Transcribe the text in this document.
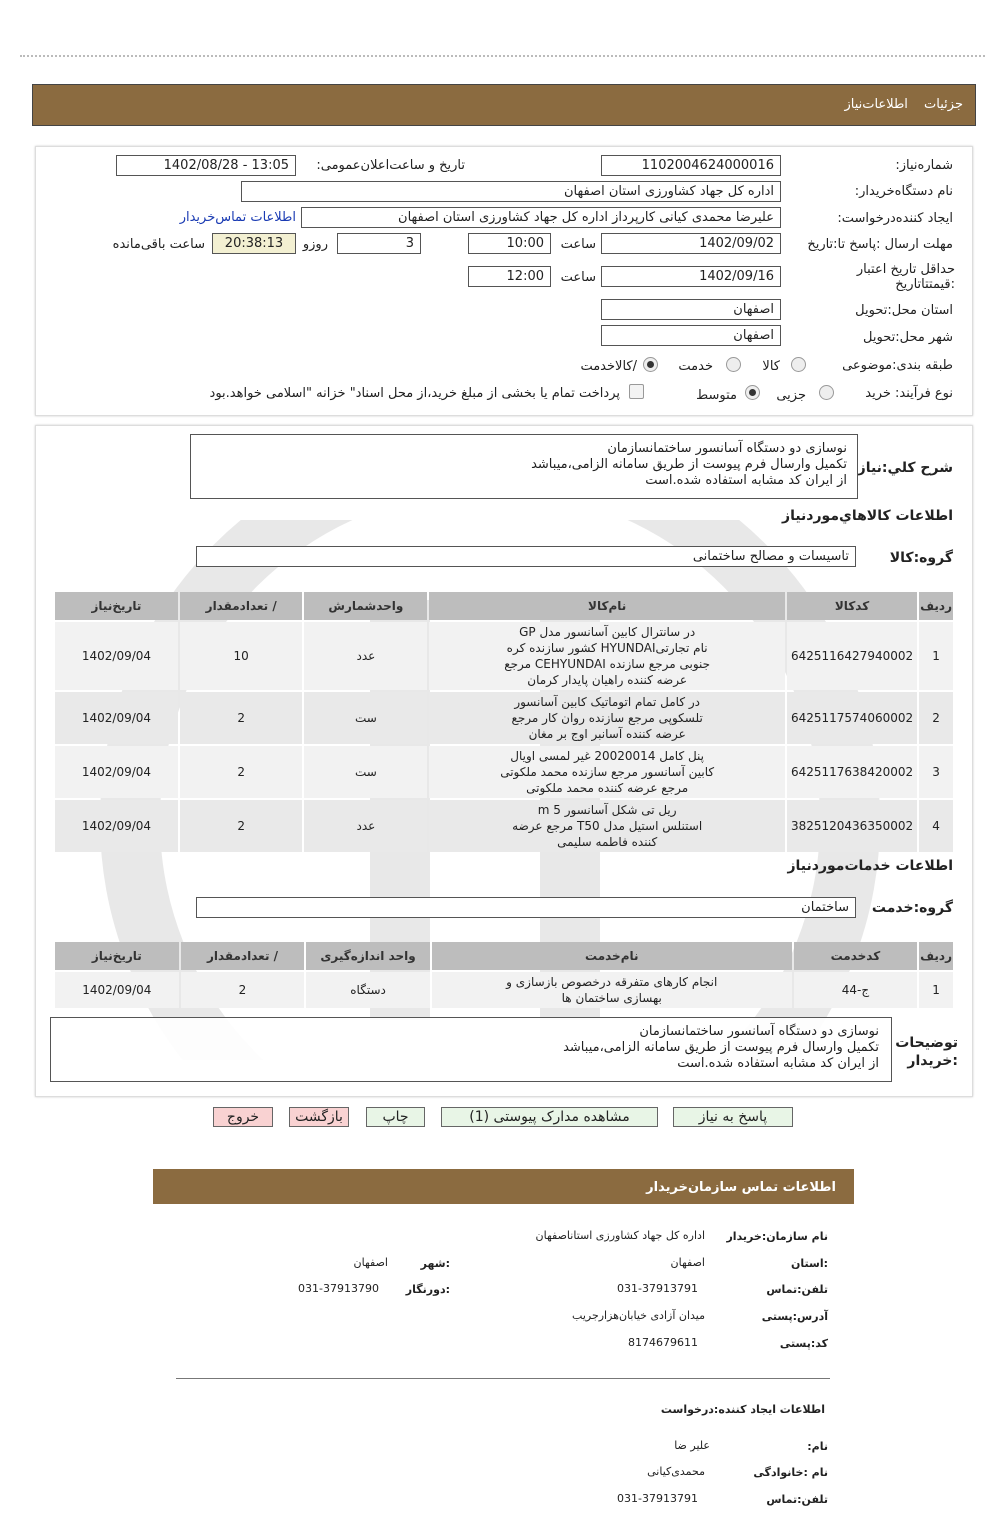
جزئیات اطلاعات‌نیاز
شماره‌نیاز:
1102004624000016
تاریخ و ساعت‌اعلان‌عمومی:
1402/08/28 - 13:05
نام دستگاه‌خریدار:
اداره کل جهاد کشاورزی استان اصفهان
ایجاد کننده‌درخواست:
علیرضا محمدی کیانی کارپرداز اداره کل جهاد کشاورزی استان اصفهان
اطلاعات تماس‌خریدار
مهلت ارسال :پاسخ تا‌:تاریخ
1402/09/02
ساعت
10:00
3
روزو
20:38:13
ساعت باقی‌مانده
حداقل تاریخ اعتبار :قیمتتا‌تاریخ
1402/09/16
ساعت
12:00
استان محل:تحویل
اصفهان
شهر محل:تحویل
اصفهان
طبقه بندی:موضوعی
کالا
خدمت
/کالاخدمت
نوع فرآیند: خرید
جزیی
متوسط
پرداخت تمام یا بخشی از مبلغ خرید،از محل اسناد" خزانه "اسلامی خواهد.بود
شرح کلي:نیاز
نوسازی دو دستگاه آسانسور ساختمانسازمان
تکمیل وارسال فرم پیوست از طریق سامانه الزامی،میباشد
از ایران کد مشابه استفاده شده.است
اطلاعات کالاهاي‌مورد‌نیاز
گروه:کالا
تاسیسات و مصالح ساختمانی
ردیف	کدکالا	نام‌کالا	واحدشمارش	/ تعدادمقدار	تاریخ‌نیاز
1	6425116427940002	در سانترال کابین آسانسور مدل GP
نام تجارتیHYUNDAI کشور سازنده کره
جنوبی مرجع سازنده CEHYUNDAI مرجع
عرضه کننده راهیان پایدار کرمان	عدد	10	1402/09/04
2	6425117574060002	در کامل تمام اتوماتیک کابین آسانسور
تلسکوپی مرجع سازنده روان کار مرجع
عرضه کننده آسانبر اوج بر مغان	ست	2	1402/09/04
3	6425117638420002	پنل کامل 20020014 غیر لمسی اویال
کابین آسانسور مرجع سازنده محمد ملکوتی
مرجع عرضه کننده محمد ملکوتی	ست	2	1402/09/04
4	3825120436350002	ریل تی شکل آسانسور 5 m
استنلس استیل مدل T50 مرجع عرضه
کننده فاطمه سلیمی	عدد	2	1402/09/04
اطلاعات خدمات‌موردنیاز
گروه:خدمت
ساختمان
ردیف	کدخدمت	نام‌خدمت	واحد اندازه‌گیری	/ تعدادمقدار	تاریخ‌نیاز
1	ج-44	انجام کارهای متفرقه درخصوص بازسازی و
بهسازی ساختمان ها	دستگاه	2	1402/09/04
توضیحات :خریدار
نوسازی دو دستگاه آسانسور ساختمانسازمان
تکمیل وارسال فرم پیوست از طریق سامانه الزامی،میباشد
از ایران کد مشابه استفاده شده.است
پاسخ به نیاز
مشاهده مدارک پیوستی (1)
چاپ
بازگشت
خروج
اطلاعات تماس سازمان‌خریدار
نام سازمان:خریدار
اداره کل جهاد کشاورزی استاناصفهان
:استان
اصفهان
:شهر
اصفهان
تلفن:تماس
031-37913791
:دورنگار
031-37913790
آدرس:پستی
میدان آزادی خیابان‌هزارجریب
کد:پستی
8174679611
اطلاعات ایجاد کننده:درخواست
نام:
علیر ضا
نام :خانوادگی
محمدی‌کیانی
تلفن:تماس
031-37913791
